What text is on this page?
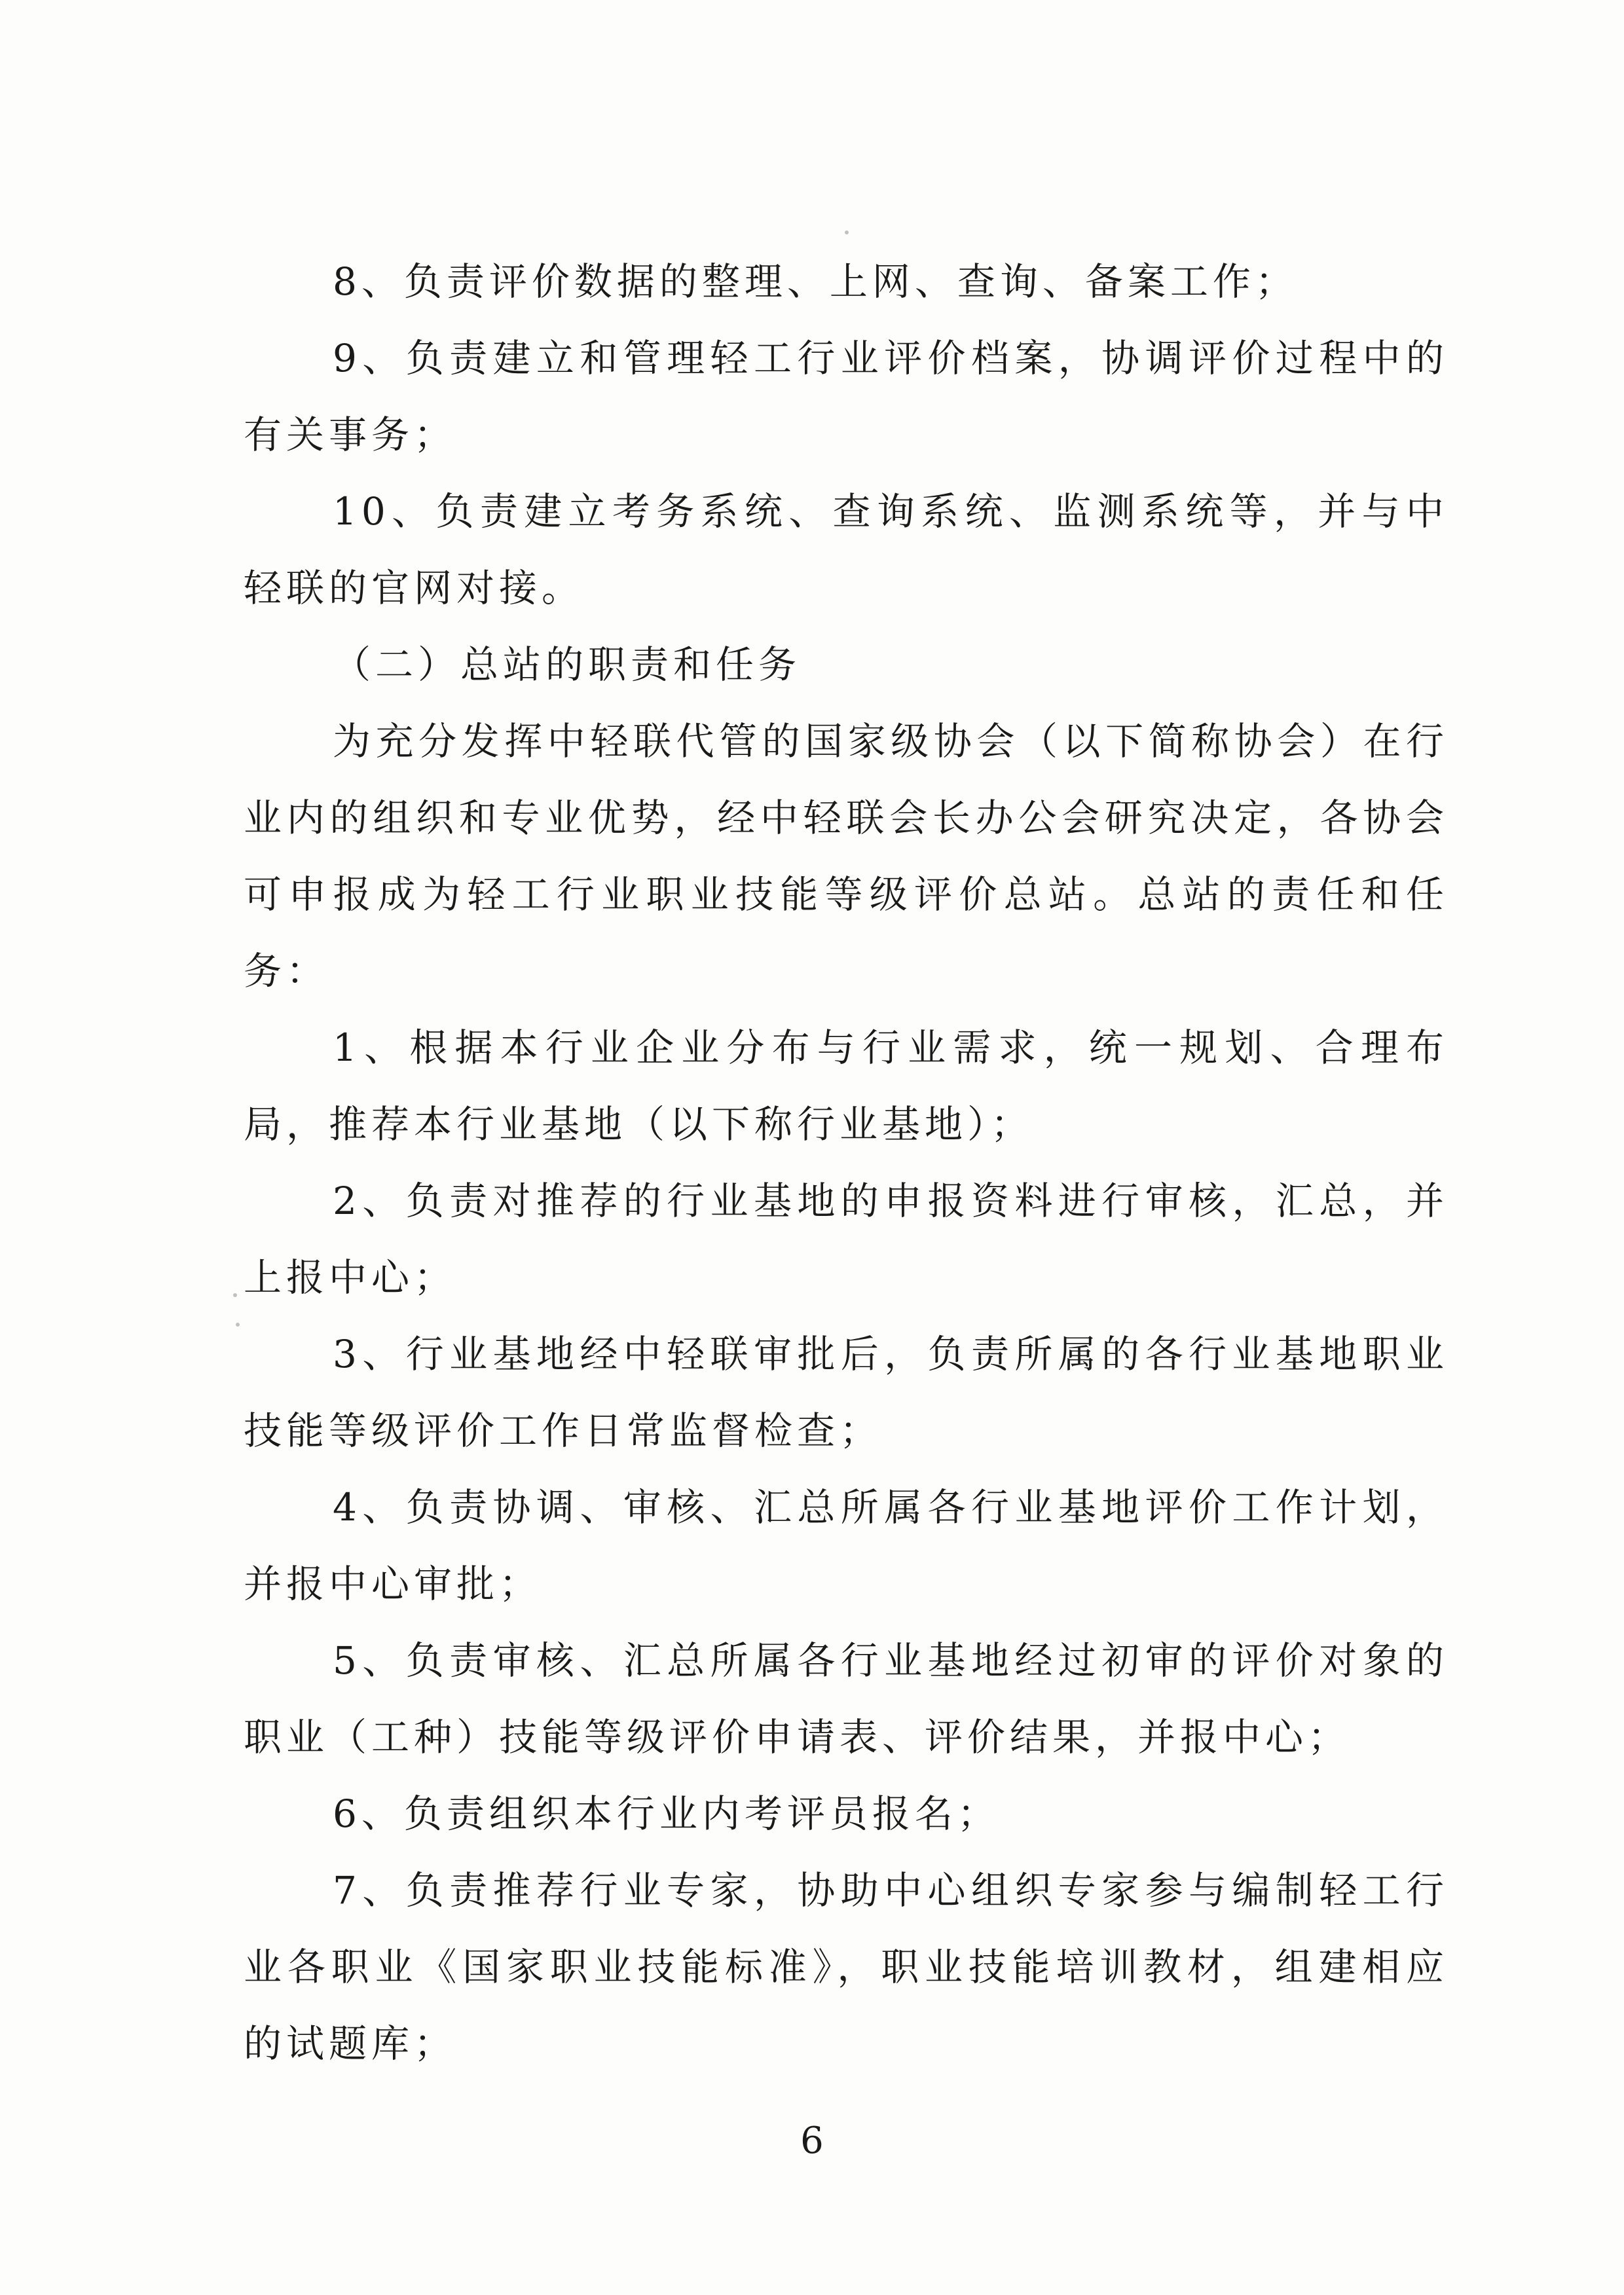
8、负责评价数据的整理、上网、查询、备案工作；

9、负责建立和管理轻工行业评价档案，协调评价过程中的有关事务；

10、负责建立考务系统、查询系统、监测系统等，并与中轻联的官网对接。

（二）总站的职责和任务

为充分发挥中轻联代管的国家级协会（以下简称协会）在行业内的组织和专业优势，经中轻联会长办公会研究决定，各协会可申报成为轻工行业职业技能等级评价总站。总站的责任和任务：

1、根据本行业企业分布与行业需求，统一规划、合理布局，推荐本行业基地（以下称行业基地）；

2、负责对推荐的行业基地的申报资料进行审核，汇总，并上报中心；

3、行业基地经中轻联审批后，负责所属的各行业基地职业技能等级评价工作日常监督检查；

4、负责协调、审核、汇总所属各行业基地评价工作计划，并报中心审批；

5、负责审核、汇总所属各行业基地经过初审的评价对象的职业（工种）技能等级评价申请表、评价结果，并报中心；

6、负责组织本行业内考评员报名；

7、负责推荐行业专家，协助中心组织专家参与编制轻工行业各职业《国家职业技能标准》，职业技能培训教材，组建相应的试题库；

6
